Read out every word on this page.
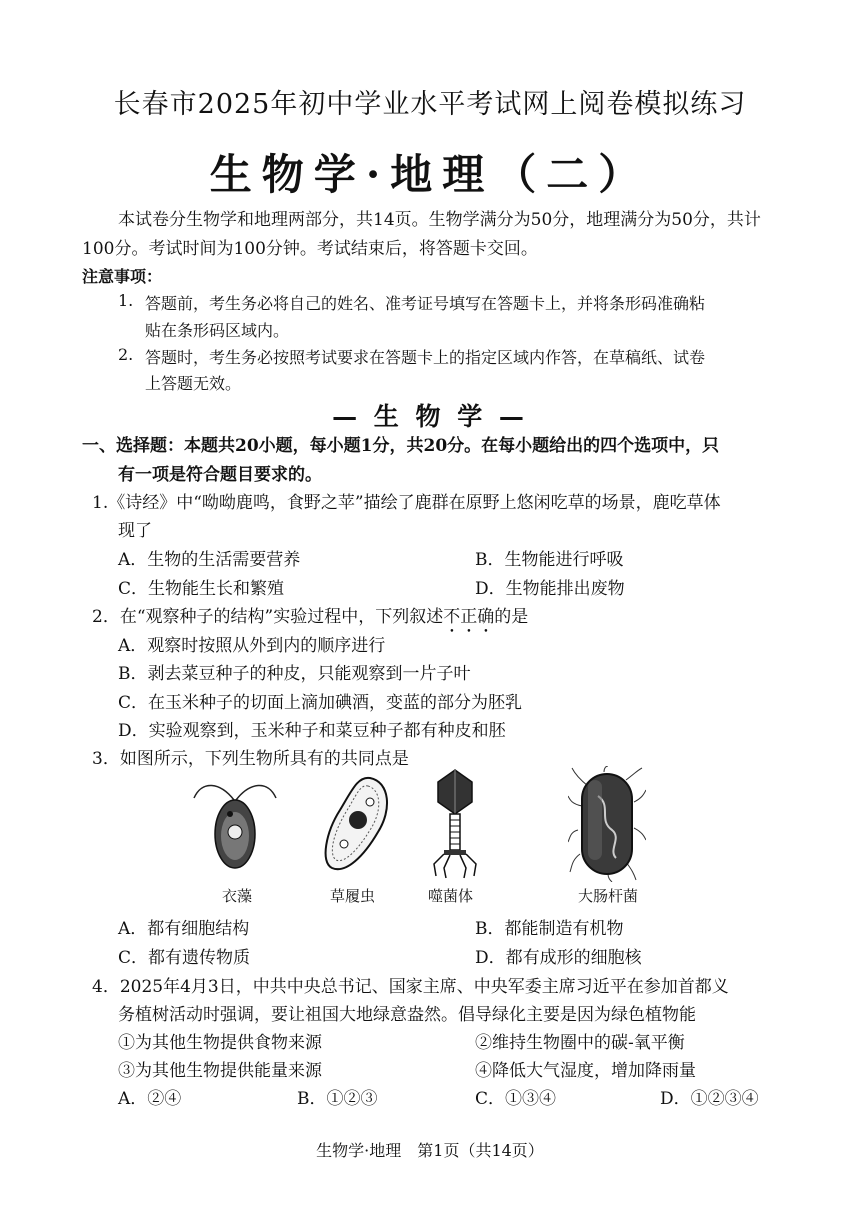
长春市2025年初中学业水平考试网上阅卷模拟练习
生物学·地理（二）
本试卷分生物学和地理两部分，共14页。生物学满分为50分，地理满分为50分，共计100分。考试时间为100分钟。考试结束后，将答题卡交回。
注意事项：
1. 答题前，考生务必将自己的姓名、准考证号填写在答题卡上，并将条形码准确粘
贴在条形码区域内。
2. 答题时，考生务必按照考试要求在答题卡上的指定区域内作答，在草稿纸、试卷
上答题无效。
— 生 物 学 —
一、选择题：本题共20小题，每小题1分，共20分。在每小题给出的四个选项中，只
有一项是符合题目要求的。
1.《诗经》中“呦呦鹿鸣，食野之苹”描绘了鹿群在原野上悠闲吃草的场景，鹿吃草体
现了
A．生物的生活需要营养	B．生物能进行呼吸
C．生物能生长和繁殖	D．生物能排出废物
2．在“观察种子的结构”实验过程中，下列叙述不正确的是
A．观察时按照从外到内的顺序进行
B．剥去菜豆种子的种皮，只能观察到一片子叶
C．在玉米种子的切面上滴加碘酒，变蓝的部分为胚乳
D．实验观察到，玉米种子和菜豆种子都有种皮和胚
3．如图所示，下列生物所具有的共同点是
衣藻	草履虫	噬菌体	大肠杆菌
A．都有细胞结构	B．都能制造有机物
C．都有遗传物质	D．都有成形的细胞核
4．2025年4月3日，中共中央总书记、国家主席、中央军委主席习近平在参加首都义
务植树活动时强调，要让祖国大地绿意盎然。倡导绿化主要是因为绿色植物能
①为其他生物提供食物来源	②维持生物圈中的碳-氧平衡
③为其他生物提供能量来源	④降低大气湿度，增加降雨量
A．②④	B．①②③	C．①③④	D．①②③④
生物学·地理　第1页（共14页）
